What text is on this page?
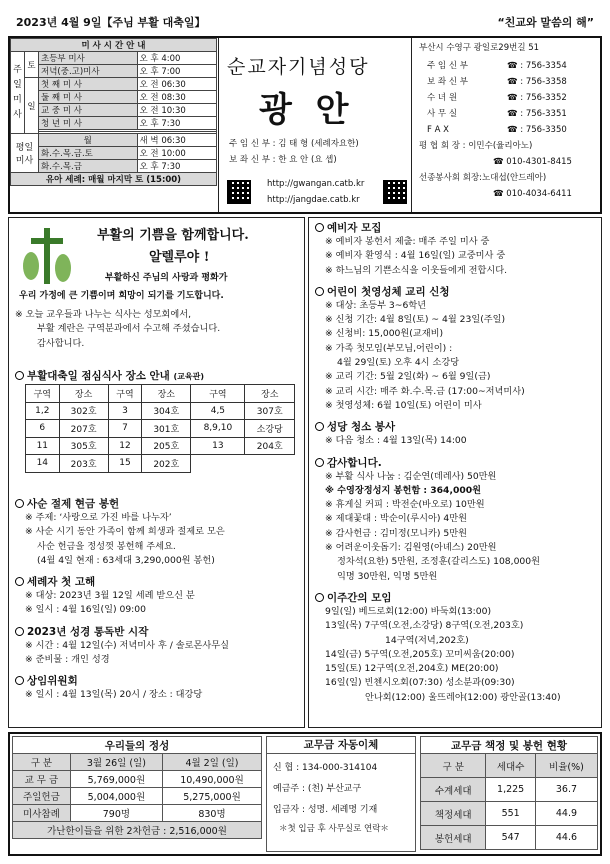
2023년 4월 9일【주님 부활 대축일】	“친교와 말씀의 해”
미 사 시 간 안 내			
주
일
미
사	토	초등부 미사	오 후 4:00
		저녁(중.고)미사	오 후 7:00
	일	첫 째 미 사	오 전 06:30
		둘 째 미 사	오 전 08:30
		교 중 미 사	오 전 10:30
		청 년 미 사	오 후 7:30

평일
미사		월	새 벽 06:30
		화.수.목.금.토	오 전 10:00
		화.수.목.금	오 후 7:30
유아 세례: 매월 마지막 토 (15:00)			
순교자기념성당
광 안
주 임 신 부 : 김 태 형 (세례자요한)
보 좌 신 부 : 한 요 안 (요 셉)
http://gwangan.catb.kr
http://jangdae.catb.kr
부산시 수영구 광일로29번길 51
주 임 신 부	☎ : 756-3354
보 좌 신 부	☎ : 756-3358
수 녀 원	☎ : 756-3352
사 무 실	☎ : 756-3351
F A X	☎ : 756-3350
평 협 회 장 : 이민수(율리아노)
☎ 010-4301-8415
선종봉사회 회장:노대섭(안드레아)
☎ 010-4034-6411
부활의 기쁨을 함께합니다.
알렐루야 !
부활하신 주님의 사랑과 평화가
우리 가정에 큰 기쁨이며 희망이 되기를 기도합니다.
※ 오늘 교우들과 나누는 식사는 성모회에서,
부활 계란은 구역분과에서 수고해 주셨습니다.
감사합니다.
부활대축일 점심식사 장소 안내 (교육관)
구역	장소	구역	장소	구역	장소
1,2	302호	3	304호	4,5	307호
6	207호	7	301호	8,9,10	소강당
11	305호	12	205호	13	204호
14	203호	15	202호		
사순 절제 현금 봉헌
※ 주제: ‘사랑으로 가진 바를 나누자’
※ 사순 시기 동안 가족이 함께 희생과 절제로 모은
사순 헌금을 정성껏 봉헌해 주세요.
(4월 4일 현재 : 63세대 3,290,000원 봉헌)
세례자 첫 고해
※ 대상: 2023년 3월 12일 세례 받으신 분
※ 일시 : 4월 16일(일) 09:00
2023년 성경 통독반 시작
※ 시간 : 4월 12일(수) 저녁미사 후 / 솔로몬사무실
※ 준비물 : 개인 성경
상임위원회
※ 일시 : 4월 13일(목) 20시 / 장소 : 대강당
예비자 모집
※ 예비자 봉헌서 제출: 매주 주일 미사 중
※ 예비자 환영식 : 4월 16일(일) 교중미사 중
※ 하느님의 기쁜소식을 이웃들에게 전합시다.
어린이 첫영성체 교리 신청
※ 대상: 초등부 3~6학년
※ 신청 기간: 4월 8일(토) ~ 4월 23일(주일)
※ 신청비: 15,000원(교재비)
※ 가족 첫모임(부모님,어린이) :
4월 29일(토) 오후 4시 소강당
※ 교리 기간: 5월 2일(화) ~ 6월 9일(금)
※ 교리 시간: 매주 화.수.목.금 (17:00~저녁미사)
※ 첫영성체: 6월 10일(토) 어린이 미사
성당 청소 봉사
※ 다음 청소 : 4월 13일(목) 14:00
감사합니다.
※ 부활 식사 나눔 : 김순연(데레사) 50만원
※ 수영장정성지 봉헌함 : 364,000원
※ 휴게실 커피 : 박전순(바오로) 10만원
※ 제대꽃대 : 박순이(루시아) 4만원
※ 감사헌금 : 김미정(모니카) 5만원
※ 어려운이웃돕기: 김원영(아녜스) 20만원
정차석(요한) 5만원, 조정훈(갈리스도) 108,000원
익명 30만원, 익명 5만원
이주간의 모임
9일(일) 베드로회(12:00) 바둑회(13:00)
13일(목) 7구역(오전,소강당) 8구역(오전,203호)
14구역(저녁,202호)
14일(금) 5구역(오전,205호) 꼬미씨움(20:00)
15일(토) 12구역(오전,204호) ME(20:00)
16일(일) 빈첸시오회(07:30) 성소분과(09:30)
안나회(12:00) 울뜨레야(12:00) 광안골(13:40)
우리들의 정성		
구 분	3월 26일 (일)	4월 2일 (일)
교 무 금	5,769,000원	10,490,000원
주일헌금	5,004,000원	5,275,000원
미사참례	790명	830명
가난한이들을 위한 2차헌금 : 2,516,000원		
교무금 자동이체
신 협 : 134-000-314104
예금주 : (천) 부산교구
입금자 : 성명. 세례명 기재
＊첫 입금 후 사무실로 연락＊
교무금 책정 및 봉헌 현황		
구 분	세대수	비율(%)
수계세대	1,225	36.7
책정세대	551	44.9
봉헌세대	547	44.6
